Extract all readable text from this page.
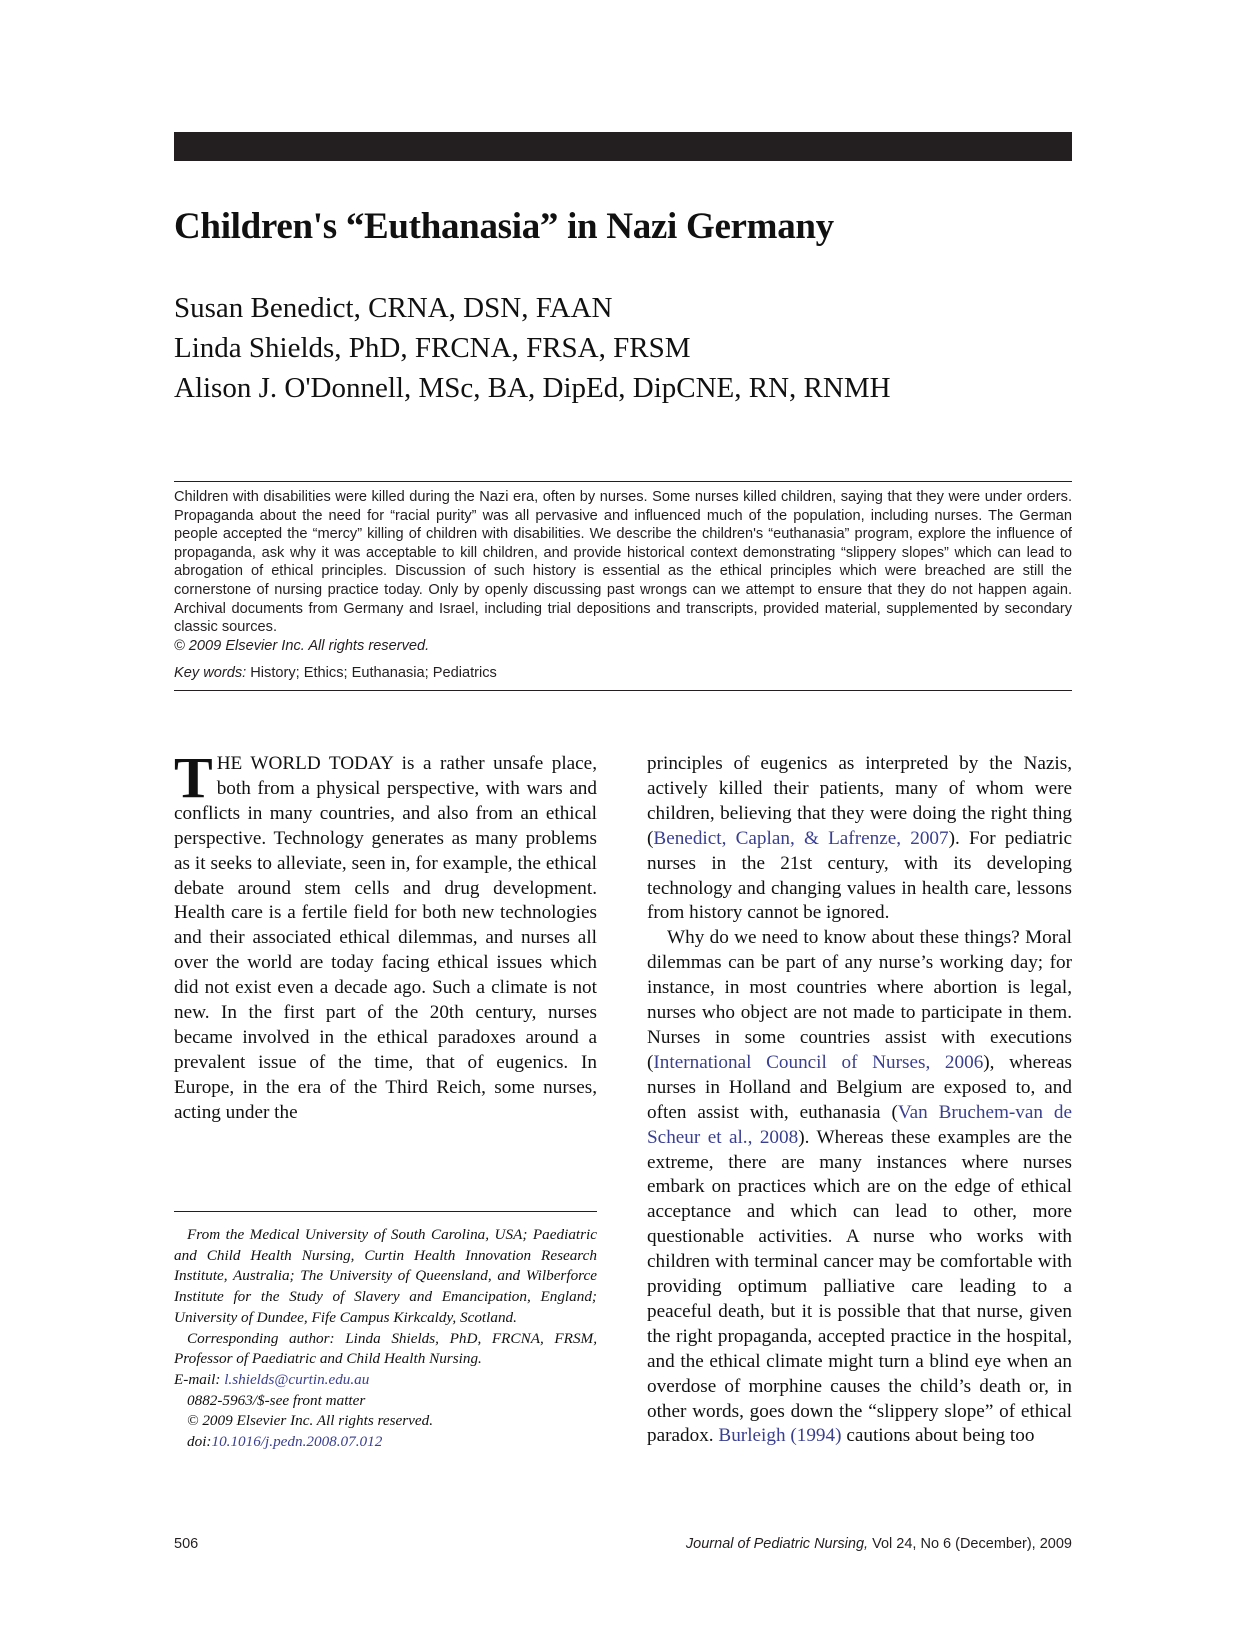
Children's “Euthanasia” in Nazi Germany
Susan Benedict, CRNA, DSN, FAAN
Linda Shields, PhD, FRCNA, FRSA, FRSM
Alison J. O'Donnell, MSc, BA, DipEd, DipCNE, RN, RNMH
Children with disabilities were killed during the Nazi era, often by nurses. Some nurses killed children, saying that they were under orders. Propaganda about the need for “racial purity” was all pervasive and influenced much of the population, including nurses. The German people accepted the “mercy” killing of children with disabilities. We describe the children's “euthanasia” program, explore the influence of propaganda, ask why it was acceptable to kill children, and provide historical context demonstrating “slippery slopes” which can lead to abrogation of ethical principles. Discussion of such history is essential as the ethical principles which were breached are still the cornerstone of nursing practice today. Only by openly discussing past wrongs can we attempt to ensure that they do not happen again. Archival documents from Germany and Israel, including trial depositions and transcripts, provided material, supplemented by secondary classic sources.
© 2009 Elsevier Inc. All rights reserved.
Key words: History; Ethics; Euthanasia; Pediatrics

THE WORLD TODAY is a rather unsafe place, both from a physical perspective, with wars and conflicts in many countries, and also from an ethical perspective. Technology generates as many problems as it seeks to alleviate, seen in, for example, the ethical debate around stem cells and drug development. Health care is a fertile field for both new technologies and their associated ethical dilemmas, and nurses all over the world are today facing ethical issues which did not exist even a decade ago. Such a climate is not new. In the first part of the 20th century, nurses became involved in the ethical paradoxes around a prevalent issue of the time, that of eugenics. In Europe, in the era of the Third Reich, some nurses, acting under the

principles of eugenics as interpreted by the Nazis, actively killed their patients, many of whom were children, believing that they were doing the right thing (Benedict, Caplan, & Lafrenze, 2007). For pediatric nurses in the 21st century, with its developing technology and changing values in health care, lessons from history cannot be ignored.

Why do we need to know about these things? Moral dilemmas can be part of any nurse’s working day; for instance, in most countries where abortion is legal, nurses who object are not made to participate in them. Nurses in some countries assist with executions (International Council of Nurses, 2006), whereas nurses in Holland and Belgium are exposed to, and often assist with, euthanasia (Van Bruchem-van de Scheur et al., 2008). Whereas these examples are the extreme, there are many instances where nurses embark on practices which are on the edge of ethical acceptance and which can lead to other, more questionable activities. A nurse who works with children with terminal cancer may be comfortable with providing optimum palliative care leading to a peaceful death, but it is possible that that nurse, given the right propaganda, accepted practice in the hospital, and the ethical climate might turn a blind eye when an overdose of morphine causes the child’s death or, in other words, goes down the “slippery slope” of ethical paradox. Burleigh (1994) cautions about being too

From the Medical University of South Carolina, USA; Paediatric and Child Health Nursing, Curtin Health Innovation Research Institute, Australia; The University of Queensland, and Wilberforce Institute for the Study of Slavery and Emancipation, England; University of Dundee, Fife Campus Kirkcaldy, Scotland.

Corresponding author: Linda Shields, PhD, FRCNA, FRSM, Professor of Paediatric and Child Health Nursing.

E-mail: l.shields@curtin.edu.au

0882-5963/$-see front matter

© 2009 Elsevier Inc. All rights reserved.

doi:10.1016/j.pedn.2008.07.012

506	Journal of Pediatric Nursing, Vol 24, No 6 (December), 2009
